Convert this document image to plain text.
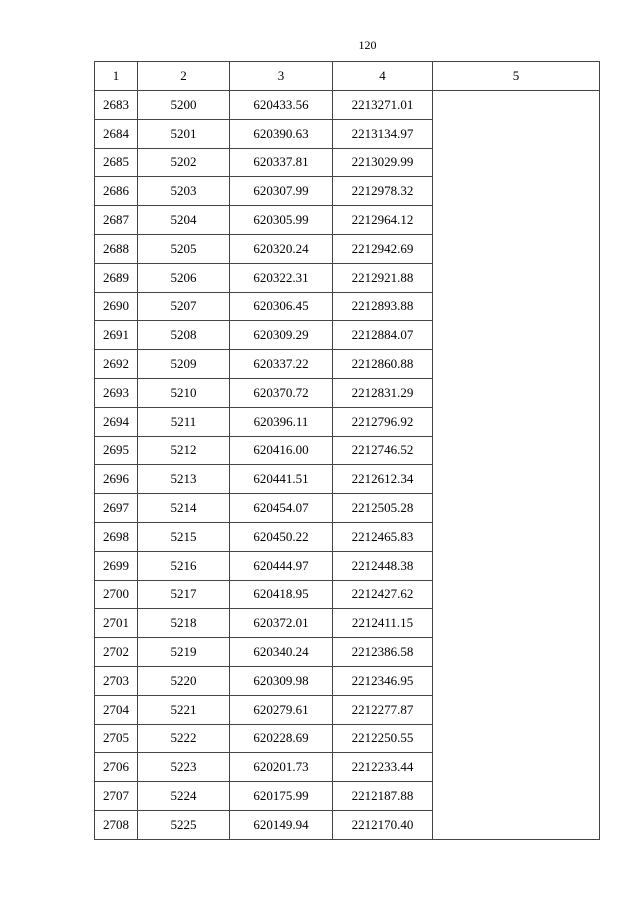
120
1	2	3	4	5
2683	5200	620433.56	2213271.01	
2684	5201	620390.63	2213134.97	
2685	5202	620337.81	2213029.99	
2686	5203	620307.99	2212978.32	
2687	5204	620305.99	2212964.12	
2688	5205	620320.24	2212942.69	
2689	5206	620322.31	2212921.88	
2690	5207	620306.45	2212893.88	
2691	5208	620309.29	2212884.07	
2692	5209	620337.22	2212860.88	
2693	5210	620370.72	2212831.29	
2694	5211	620396.11	2212796.92	
2695	5212	620416.00	2212746.52	
2696	5213	620441.51	2212612.34	
2697	5214	620454.07	2212505.28	
2698	5215	620450.22	2212465.83	
2699	5216	620444.97	2212448.38	
2700	5217	620418.95	2212427.62	
2701	5218	620372.01	2212411.15	
2702	5219	620340.24	2212386.58	
2703	5220	620309.98	2212346.95	
2704	5221	620279.61	2212277.87	
2705	5222	620228.69	2212250.55	
2706	5223	620201.73	2212233.44	
2707	5224	620175.99	2212187.88	
2708	5225	620149.94	2212170.40	
